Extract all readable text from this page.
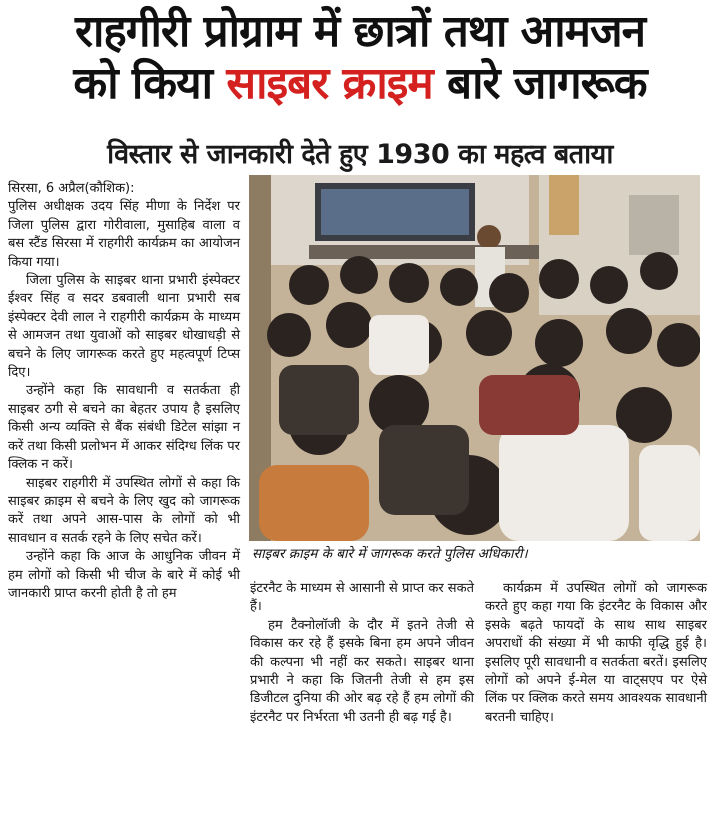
राहगीरी प्रोग्राम में छात्रों तथा आमजन
को किया साइबर क्राइम बारे जागरूक
विस्तार से जानकारी देते हुए 1930 का महत्व बताया

सिरसा, 6 अप्रैल(कौशिक):

पुलिस अधीक्षक उदय सिंह मीणा के निर्देश पर जिला पुलिस द्वारा गोरीवाला, मुसाहिब वाला व बस स्टैंड सिरसा में राहगीरी कार्यक्रम का आयोजन किया गया।

जिला पुलिस के साइबर थाना प्रभारी इंस्पेक्टर ईश्वर सिंह व सदर डबवाली थाना प्रभारी सब इंस्पेक्टर देवी लाल ने राहगीरी कार्यक्रम के माध्यम से आमजन तथा युवाओं को साइबर धोखाधड़ी से बचने के लिए जागरूक करते हुए महत्वपूर्ण टिप्स दिए।

उन्होंने कहा कि सावधानी व सतर्कता ही साइबर ठगी से बचने का बेहतर उपाय है इसलिए किसी अन्य व्यक्ति से बैंक संबंधी डिटेल सांझा न करें तथा किसी प्रलोभन में आकर संदिग्ध लिंक पर क्लिक न करें।

साइबर राहगीरी में उपस्थित लोगों से कहा कि साइबर क्राइम से बचने के लिए खुद को जागरूक करें तथा अपने आस-पास के लोगों को भी सावधान व सतर्क रहने के लिए सचेत करें।

उन्होंने कहा कि आज के आधुनिक जीवन में हम लोगों को किसी भी चीज के बारे में कोई भी जानकारी प्राप्त करनी होती है तो हम

साइबर क्राइम के बारे में जागरूक करते पुलिस अधिकारी।

इंटरनैट के माध्यम से आसानी से प्राप्त कर सकते हैं।

हम टैक्नोलॉजी के दौर में इतने तेजी से विकास कर रहे हैं इसके बिना हम अपने जीवन की कल्पना भी नहीं कर सकते। साइबर थाना प्रभारी ने कहा कि जितनी तेजी से हम इस डिजीटल दुनिया की ओर बढ़ रहे हैं हम लोगों की इंटरनैट पर निर्भरता भी उतनी ही बढ़ गई है।

कार्यक्रम में उपस्थित लोगों को जागरूक करते हुए कहा गया कि इंटरनैट के विकास और इसके बढ़ते फायदों के साथ साथ साइबर अपराधों की संख्या में भी काफी वृद्धि हुई है। इसलिए पूरी सावधानी व सतर्कता बरतें। इसलिए लोगों को अपने ई-मेल या वाट्सएप पर ऐसे लिंक पर क्लिक करते समय आवश्यक सावधानी बरतनी चाहिए।
